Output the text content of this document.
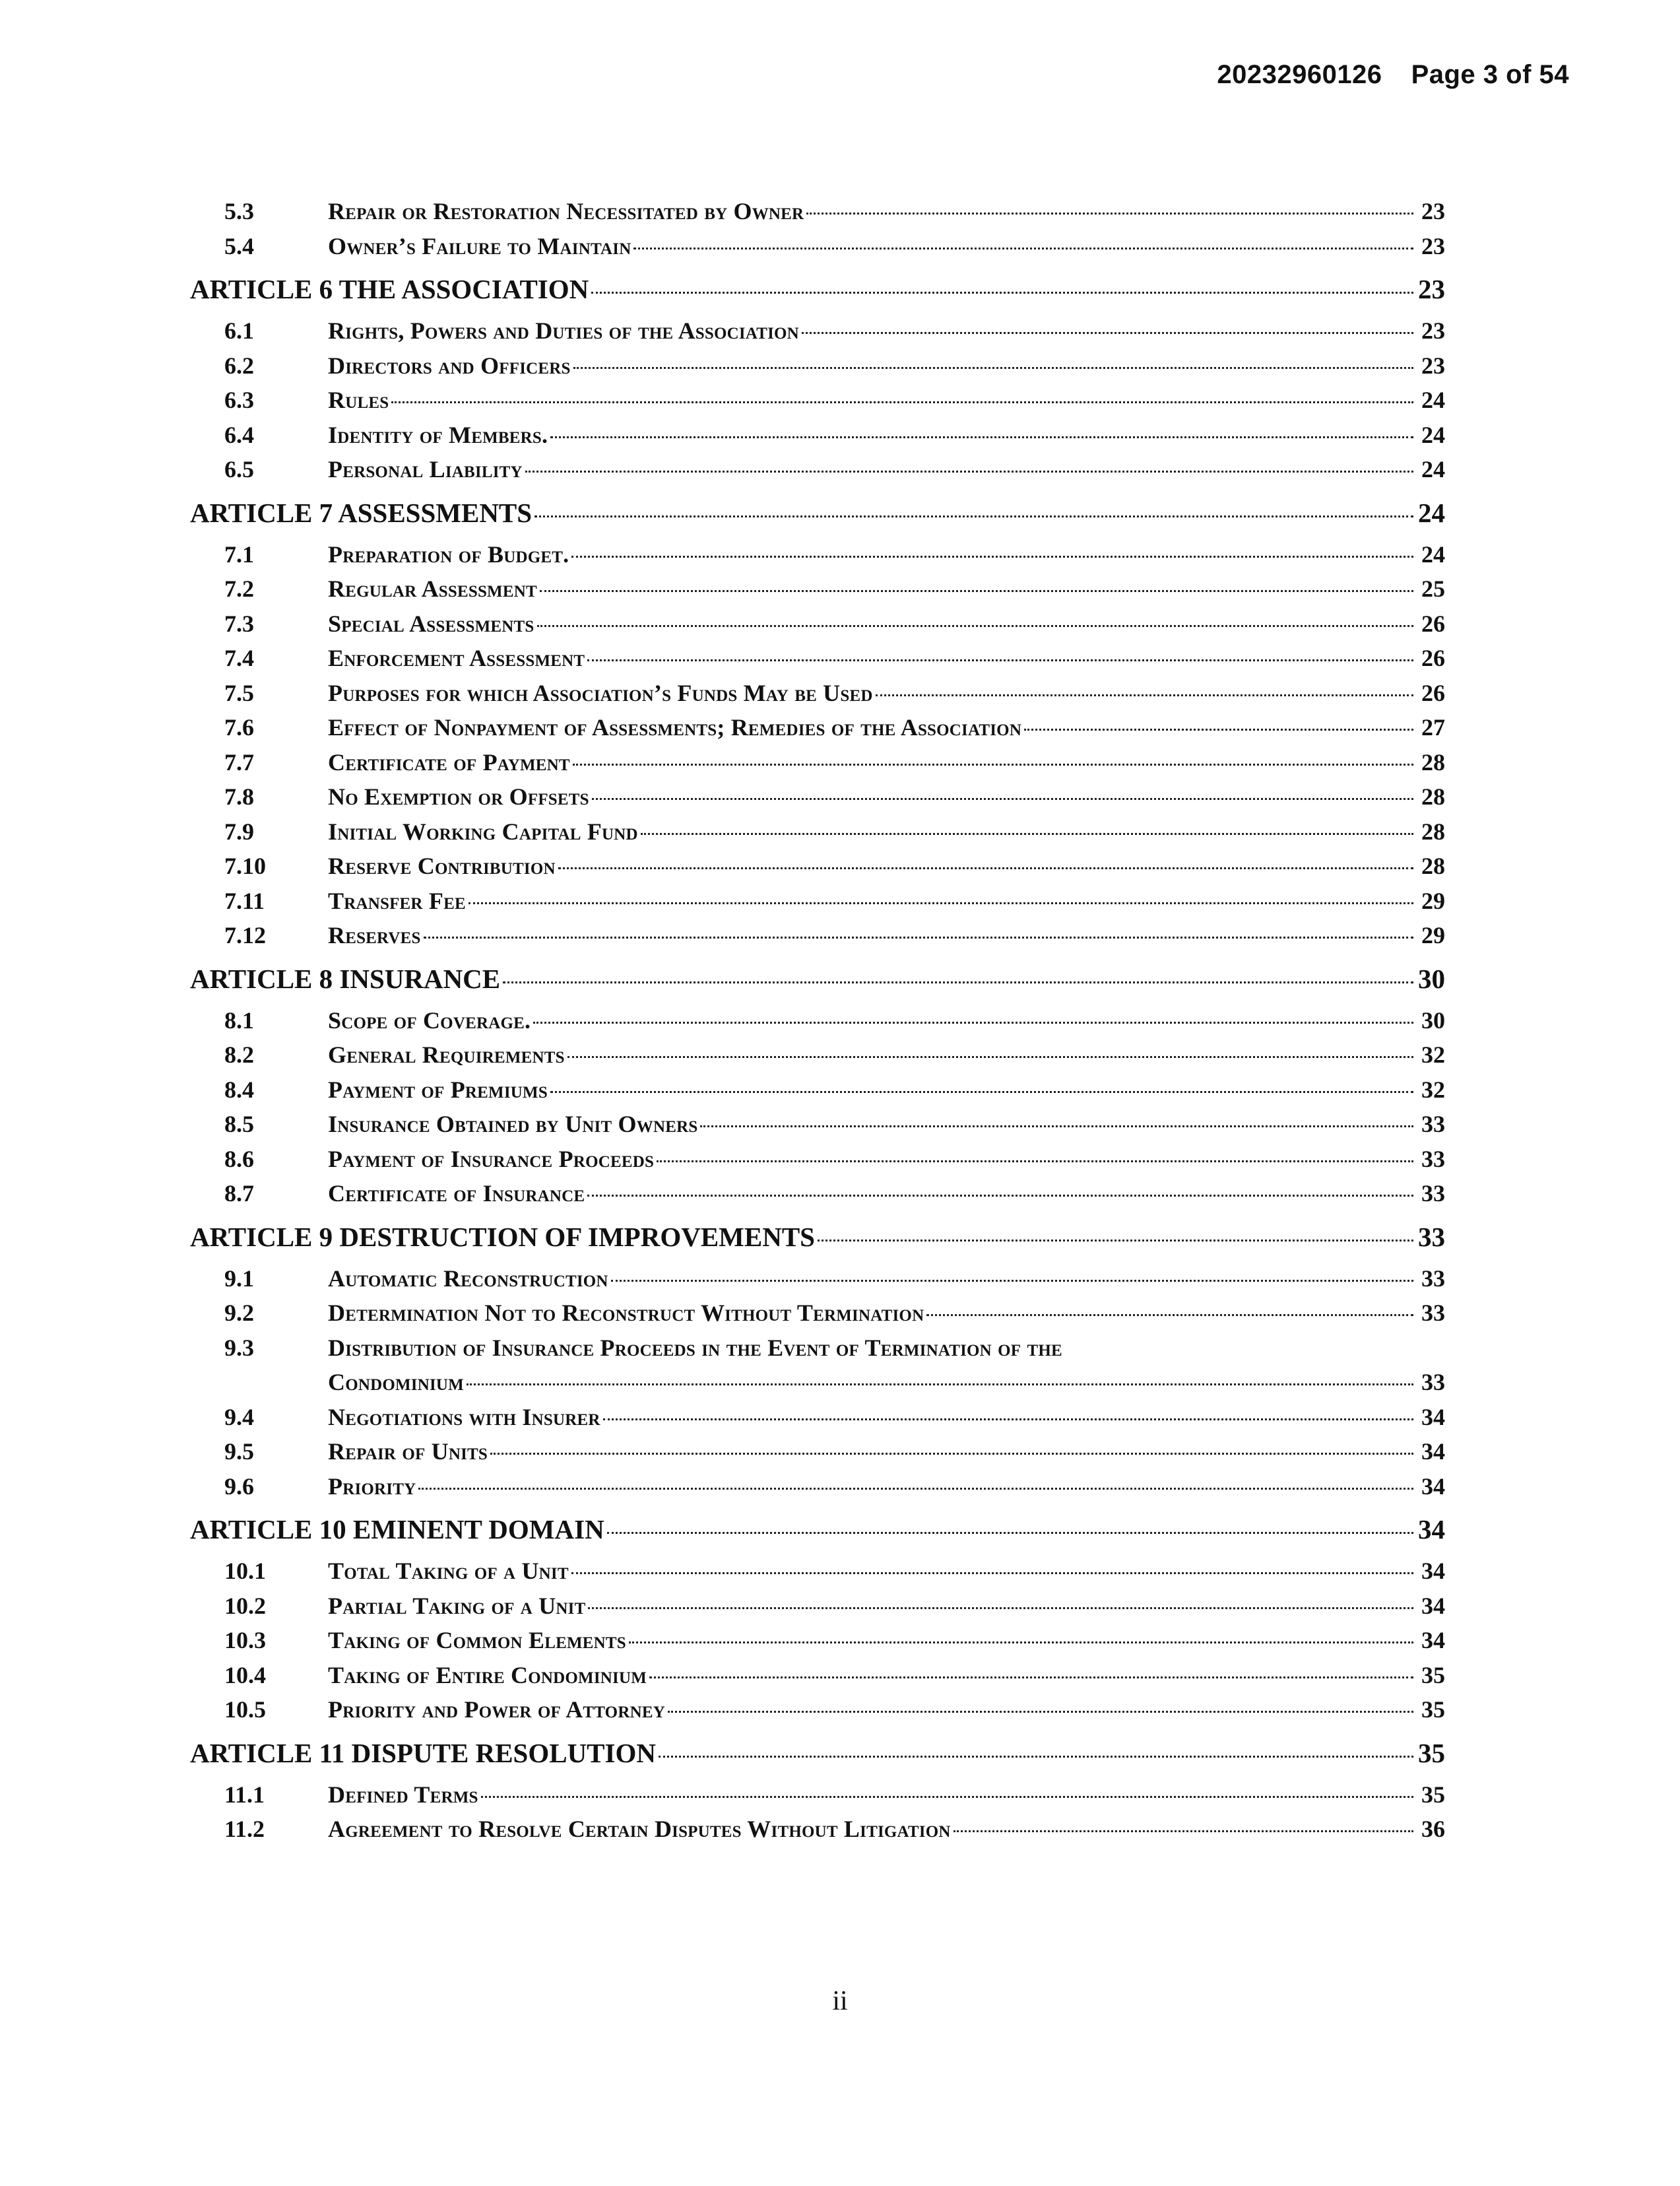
20232960126 Page 3 of 54

5.3	Repair or Restoration Necessitated by Owner	23
5.4	Owner’s Failure to Maintain	23
ARTICLE 6 THE ASSOCIATION	23
6.1	Rights, Powers and Duties of the Association	23
6.2	Directors and Officers	23
6.3	Rules	24
6.4	Identity of Members.	24
6.5	Personal Liability	24
ARTICLE 7 ASSESSMENTS	24
7.1	Preparation of Budget.	24
7.2	Regular Assessment	25
7.3	Special Assessments	26
7.4	Enforcement Assessment	26
7.5	Purposes for which Association’s Funds May be Used	26
7.6	Effect of Nonpayment of Assessments; Remedies of the Association	27
7.7	Certificate of Payment	28
7.8	No Exemption or Offsets	28
7.9	Initial Working Capital Fund	28
7.10	Reserve Contribution	28
7.11	Transfer Fee	29
7.12	Reserves	29
ARTICLE 8 INSURANCE	30
8.1	Scope of Coverage.	30
8.2	General Requirements	32
8.4	Payment of Premiums	32
8.5	Insurance Obtained by Unit Owners	33
8.6	Payment of Insurance Proceeds	33
8.7	Certificate of Insurance	33
ARTICLE 9 DESTRUCTION OF IMPROVEMENTS	33
9.1	Automatic Reconstruction	33
9.2	Determination Not to Reconstruct Without Termination	33
9.3	Distribution of Insurance Proceeds in the Event of Termination of the
Condominium	33
9.4	Negotiations with Insurer	34
9.5	Repair of Units	34
9.6	Priority	34
ARTICLE 10 EMINENT DOMAIN	34
10.1	Total Taking of a Unit	34
10.2	Partial Taking of a Unit	34
10.3	Taking of Common Elements	34
10.4	Taking of Entire Condominium	35
10.5	Priority and Power of Attorney	35
ARTICLE 11 DISPUTE RESOLUTION	35
11.1	Defined Terms	35
11.2	Agreement to Resolve Certain Disputes Without Litigation	36
ii
